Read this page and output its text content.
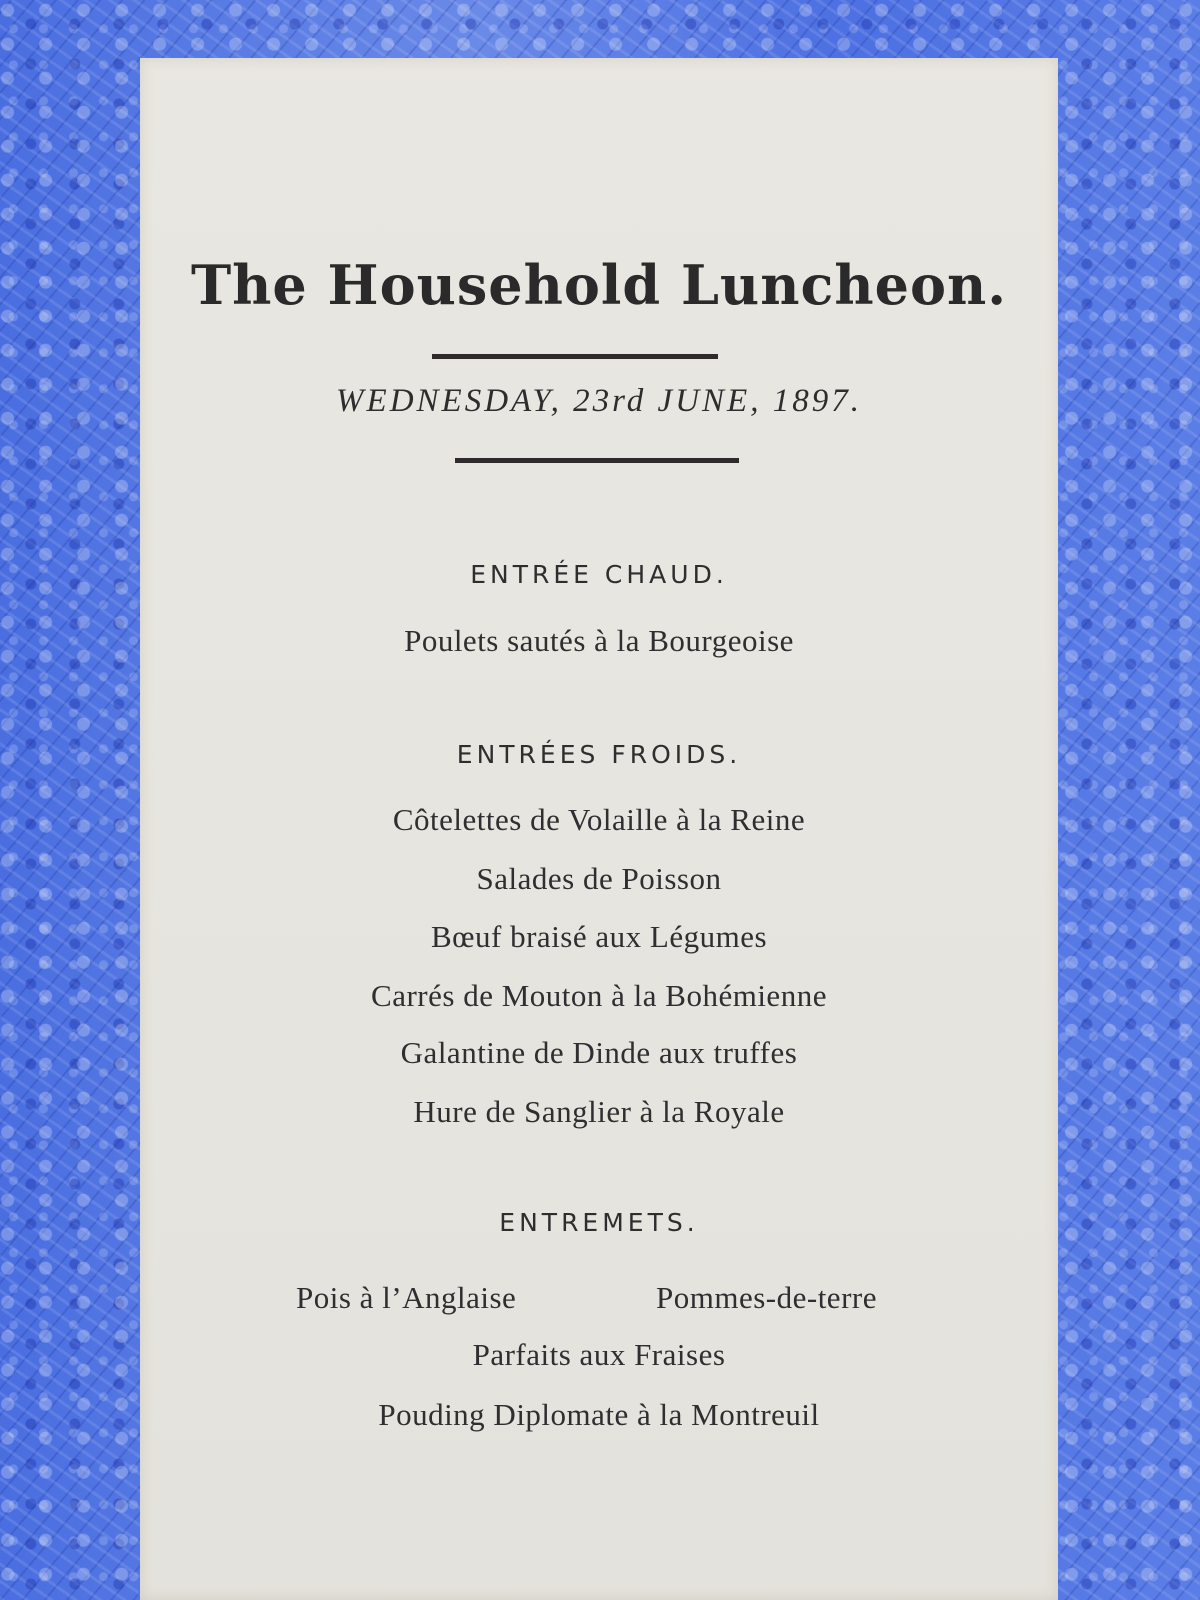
The Household Luncheon.
WEDNESDAY, 23rd JUNE, 1897.
ENTRÉE CHAUD.
Poulets sautés à la Bourgeoise
ENTRÉES FROIDS.
Côtelettes de Volaille à la Reine
Salades de Poisson
Bœuf braisé aux Légumes
Carrés de Mouton à la Bohémienne
Galantine de Dinde aux truffes
Hure de Sanglier à la Royale
ENTREMETS.
Pois à l’Anglaise	Pommes-de-terre
Parfaits aux Fraises
Pouding Diplomate à la Montreuil
